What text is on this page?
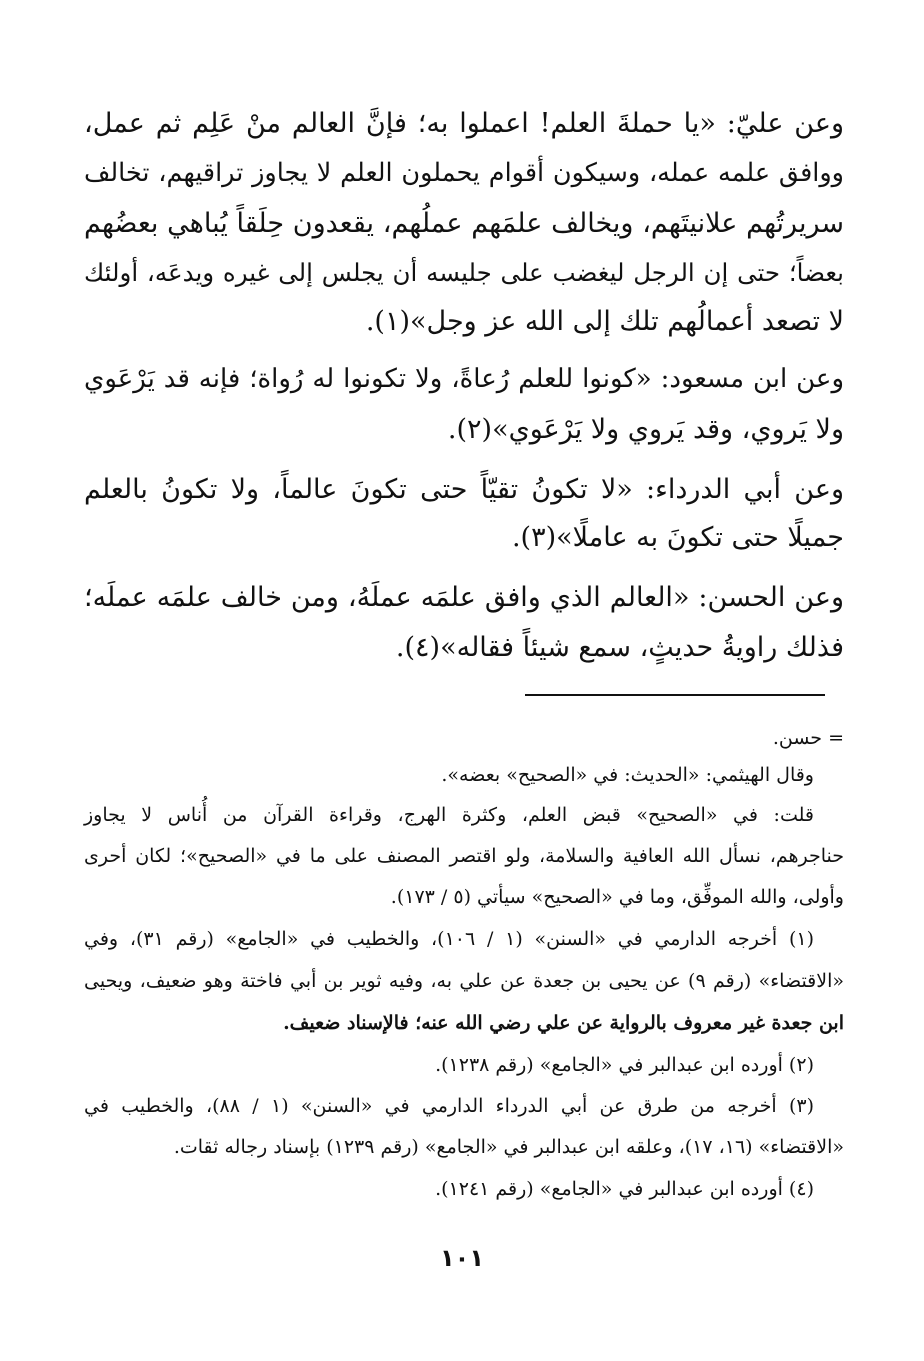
وعن عليّ: «يا حملةَ العلم! اعملوا به؛ فإنَّ العالم منْ عَلِم ثم عمل،
ووافق علمه عمله، وسيكون أقوام يحملون العلم لا يجاوز تراقيهم، تخالف
سريرتُهم علانيتَهم، ويخالف علمَهم عملُهم، يقعدون حِلَقاً يُباهي بعضُهم
بعضاً؛ حتى إن الرجل ليغضب على جليسه أن يجلس إلى غيره ويدعَه، أولئك
لا تصعد أعمالُهم تلك إلى الله عز وجل»(١).
وعن ابن مسعود: «كونوا للعلم رُعاةً، ولا تكونوا له رُواة؛ فإنه قد يَرْعَوي
ولا يَروي، وقد يَروي ولا يَرْعَوي»(٢).
وعن أبي الدرداء: «لا تكونُ تقيّاً حتى تكونَ عالماً، ولا تكونُ بالعلم
جميلًا حتى تكونَ به عاملًا»(٣).
وعن الحسن: «العالم الذي وافق علمَه عملَهُ، ومن خالف علمَه عملَه؛
فذلك راويةُ حديثٍ، سمع شيئاً فقاله»(٤).
= حسن.
وقال الهيثمي: «الحديث: في «الصحيح» بعضه».
قلت: في «الصحيح» قبض العلم، وكثرة الهرج، وقراءة القرآن من أُناس لا يجاوز
حناجرهم، نسأل الله العافية والسلامة، ولو اقتصر المصنف على ما في «الصحيح»؛ لكان أحرى
وأولى، والله الموفِّق، وما في «الصحيح» سيأتي (٥ / ١٧٣).
(١) أخرجه الدارمي في «السنن» (١ / ١٠٦)، والخطيب في «الجامع» (رقم ٣١)، وفي
«الاقتضاء» (رقم ٩) عن يحيى بن جعدة عن علي به، وفيه ثوير بن أبي فاختة وهو ضعيف، ويحيى
ابن جعدة غير معروف بالرواية عن علي رضي الله عنه؛ فالإسناد ضعيف.
(٢) أورده ابن عبدالبر في «الجامع» (رقم ١٢٣٨).
(٣) أخرجه من طرق عن أبي الدرداء الدارمي في «السنن» (١ / ٨٨)، والخطيب في
«الاقتضاء» (١٦، ١٧)، وعلقه ابن عبدالبر في «الجامع» (رقم ١٢٣٩) بإسناد رجاله ثقات.
(٤) أورده ابن عبدالبر في «الجامع» (رقم ١٢٤١).
١٠١
